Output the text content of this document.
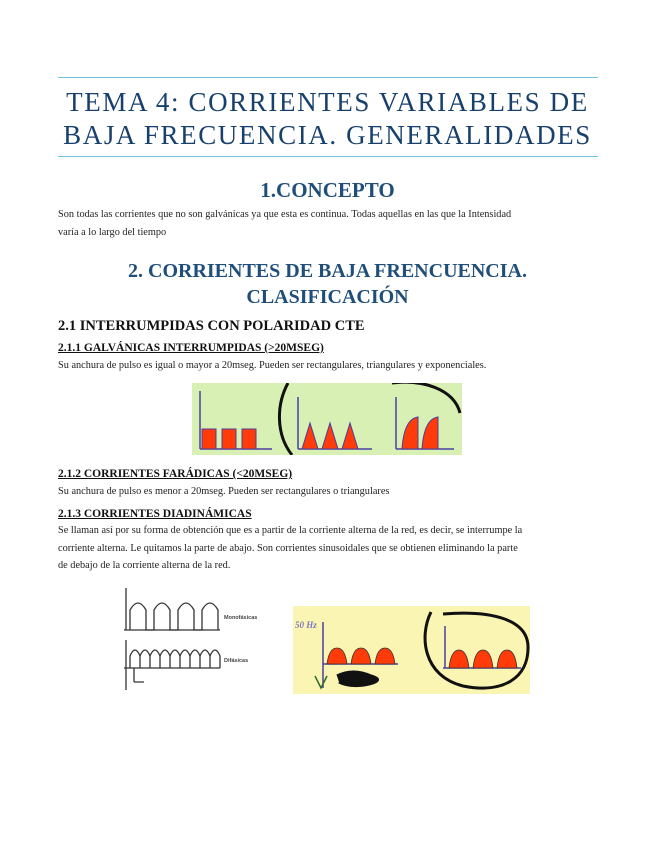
TEMA 4: CORRIENTES VARIABLES DE
BAJA FRECUENCIA. GENERALIDADES
1.CONCEPTO

Son todas las corrientes que no son galvánicas ya que esta es continua. Todas aquellas en las que la Intensidad

varía a lo largo del tiempo

2. CORRIENTES DE BAJA FRENCUENCIA.
CLASIFICACIÓN
2.1 INTERRUMPIDAS CON POLARIDAD CTE
2.1.1 GALVÁNICAS INTERRUMPIDAS (>20MSEG)

Su anchura de pulso es igual o mayor a 20mseg. Pueden ser rectangulares, triangulares y exponenciales.

2.1.2 CORRIENTES FARÁDICAS (<20MSEG)

Su anchura de pulso es menor a 20mseg. Pueden ser rectangulares o triangulares

2.1.3 CORRIENTES DIADINÁMICAS

Se llaman así por su forma de obtención que es a partir de la corriente alterna de la red, es decir, se interrumpe la

corriente alterna. Le quitamos la parte de abajo. Son corrientes sinusoidales que se obtienen eliminando la parte

de debajo de la corriente alterna de la red.

Monofásicas
Difásicas
50 Hz
